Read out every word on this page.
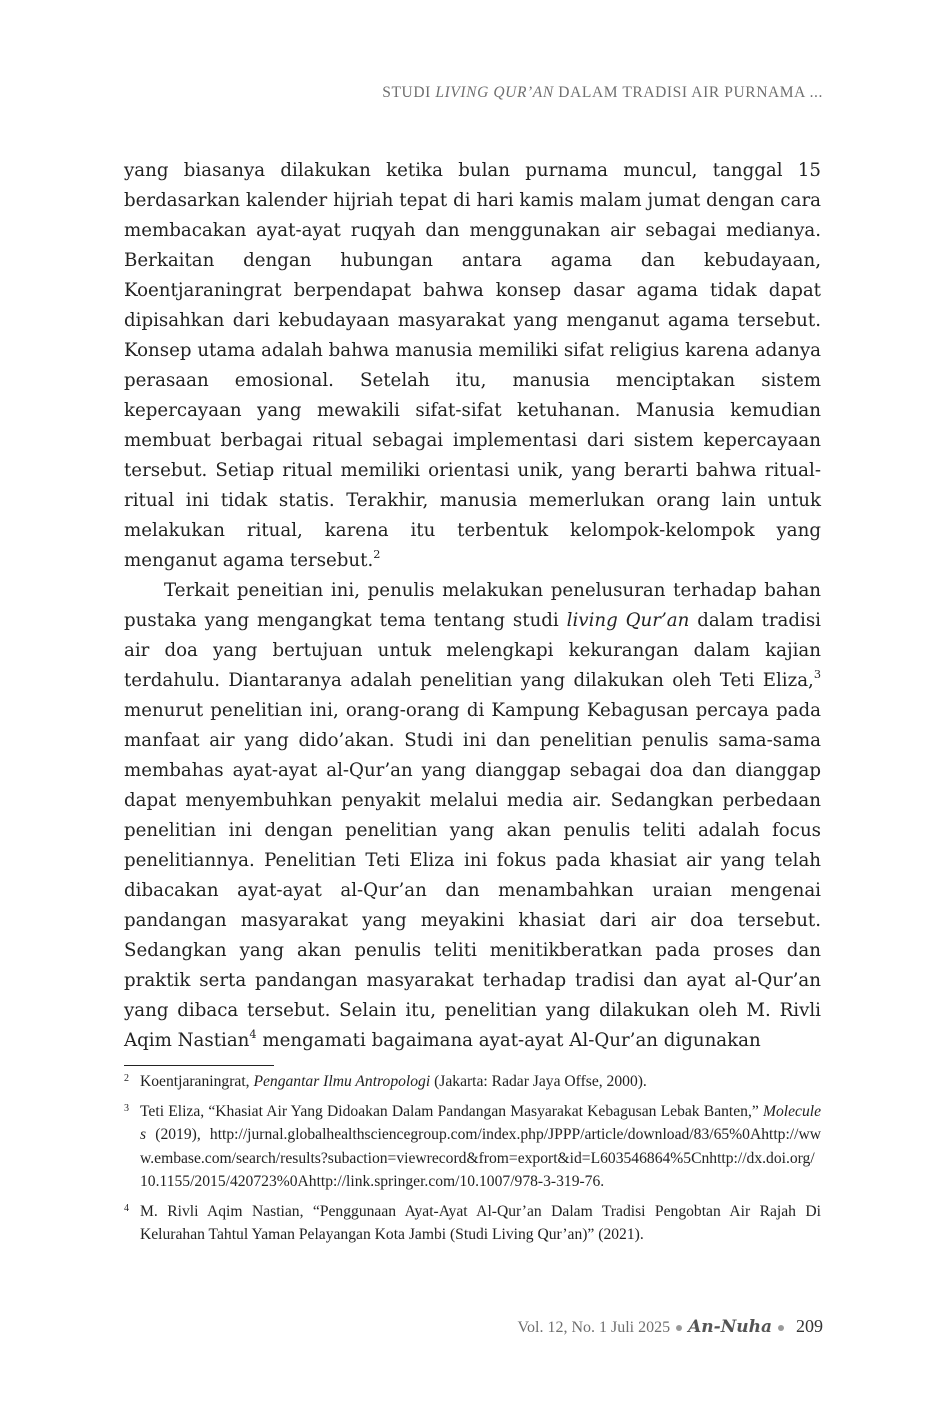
STUDI LIVING QUR’AN DALAM TRADISI AIR PURNAMA ...

yang biasanya dilakukan ketika bulan purnama muncul, tanggal 15 berdasarkan kalender hijriah tepat di hari kamis malam jumat dengan cara membacakan ayat-ayat ruqyah dan menggunakan air sebagai medianya. Berkaitan dengan hubungan antara agama dan kebudayaan, Koentjaraningrat berpendapat bahwa konsep dasar agama tidak dapat dipisahkan dari kebudayaan masyarakat yang menganut agama tersebut. Konsep utama adalah bahwa manusia memiliki sifat religius karena adanya perasaan emosional. Setelah itu, manusia menciptakan sistem kepercayaan yang mewakili sifat-sifat ketuhanan. Manusia kemudian membuat berbagai ritual sebagai implementasi dari sistem kepercayaan tersebut. Setiap ritual memiliki orientasi unik, yang berarti bahwa ritual-ritual ini tidak statis. Terakhir, manusia memerlukan orang lain untuk melakukan ritual, karena itu terbentuk kelompok-kelompok yang menganut agama tersebut.$^2$

Terkait peneitian ini, penulis melakukan penelusuran terhadap bahan pustaka yang mengangkat tema tentang studi living Qur’an dalam tradisi air doa yang bertujuan untuk melengkapi kekurangan dalam kajian terdahulu. Diantaranya adalah penelitian yang dilakukan oleh Teti Eliza,$^3$ menurut penelitian ini, orang-orang di Kampung Kebagusan percaya pada manfaat air yang dido’akan. Studi ini dan penelitian penulis sama-sama membahas ayat-ayat al-Qur’an yang dianggap sebagai doa dan dianggap dapat menyembuhkan penyakit melalui media air. Sedangkan perbedaan penelitian ini dengan penelitian yang akan penulis teliti adalah focus penelitiannya. Penelitian Teti Eliza ini fokus pada khasiat air yang telah dibacakan ayat-ayat al-Qur’an dan menambahkan uraian mengenai pandangan masyarakat yang meyakini khasiat dari air doa tersebut. Sedangkan yang akan penulis teliti menitikberatkan pada proses dan praktik serta pandangan masyarakat terhadap tradisi dan ayat al-Qur’an yang dibaca tersebut. Selain itu, penelitian yang dilakukan oleh M. Rivli Aqim Nastian$^4$ mengamati bagaimana ayat-ayat Al-Qur’an digunakan

2 Koentjaraningrat, Pengantar Ilmu Antropologi (Jakarta: Radar Jaya Offse, 2000).
3 Teti Eliza, “Khasiat Air Yang Didoakan Dalam Pandangan Masyarakat Kebagusan Lebak Banten,” Molecules (2019), http://jurnal.globalhealthsciencegroup.com/index.php/JPPP/article/download/83/65%0Ahttp://www.embase.com/search/results?subaction=viewrecord&from=export&id=L603546864%5Cnhttp://dx.doi.org/10.1155/2015/420723%0Ahttp://link.springer.com/10.1007/978-3-319-76.
4 M. Rivli Aqim Nastian, “Penggunaan Ayat-Ayat Al-Qur’an Dalam Tradisi Pengobtan Air Rajah Di Kelurahan Tahtul Yaman Pelayangan Kota Jambi (Studi Living Qur’an)” (2021).
Vol. 12, No. 1 Juli 2025 An-Nuha 209
